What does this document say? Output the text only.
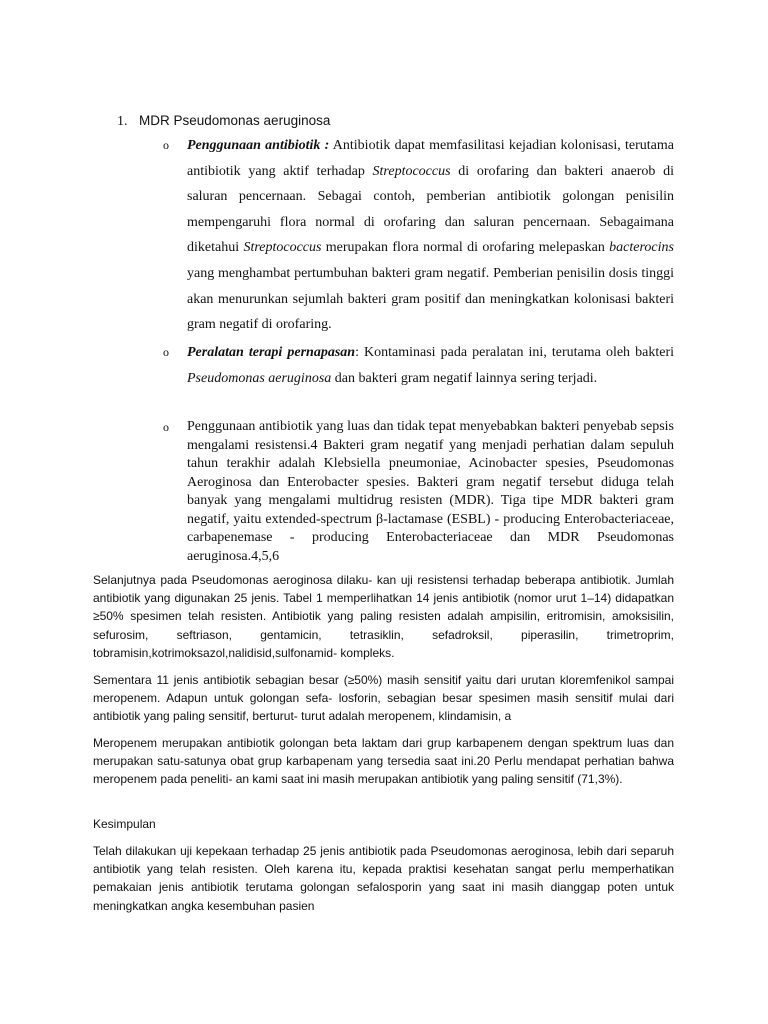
1. MDR Pseudomonas aeruginosa
o Penggunaan antibiotik : Antibiotik dapat memfasilitasi kejadian kolonisasi, terutama antibiotik yang aktif terhadap Streptococcus di orofaring dan bakteri anaerob di saluran pencernaan. Sebagai contoh, pemberian antibiotik golongan penisilin mempengaruhi flora normal di orofaring dan saluran pencernaan. Sebagaimana diketahui Streptococcus merupakan flora normal di orofaring melepaskan bacterocins yang menghambat pertumbuhan bakteri gram negatif. Pemberian penisilin dosis tinggi akan menurunkan sejumlah bakteri gram positif dan meningkatkan kolonisasi bakteri gram negatif di orofaring.
o Peralatan terapi pernapasan: Kontaminasi pada peralatan ini, terutama oleh bakteri Pseudomonas aeruginosa dan bakteri gram negatif lainnya sering terjadi.
o Penggunaan antibiotik yang luas dan tidak tepat menyebabkan bakteri penyebab sepsis mengalami resistensi.4 Bakteri gram negatif yang menjadi perhatian dalam sepuluh tahun terakhir adalah Klebsiella pneumoniae, Acinobacter spesies, Pseudomonas Aeroginosa dan Enterobacter spesies. Bakteri gram negatif tersebut diduga telah banyak yang mengalami multidrug resisten (MDR). Tiga tipe MDR bakteri gram negatif, yaitu extended-spectrum β-lactamase (ESBL) - producing Enterobacteriaceae, carbapenemase - producing Enterobacteriaceae dan MDR Pseudomonas aeruginosa.4,5,6

Selanjutnya pada Pseudomonas aeroginosa dilaku- kan uji resistensi terhadap beberapa antibiotik. Jumlah antibiotik yang digunakan 25 jenis. Tabel 1 memperlihatkan 14 jenis antibiotik (nomor urut 1–14) didapatkan ≥50% spesimen telah resisten. Antibiotik yang paling resisten adalah ampisilin, eritromisin, amoksisilin, sefurosim, seftriason, gentamicin, tetrasiklin, sefadroksil, piperasilin, trimetroprim, tobramisin,kotrimoksazol,nalidisid,sulfonamid- kompleks.

Sementara 11 jenis antibiotik sebagian besar (≥50%) masih sensitif yaitu dari urutan kloremfenikol sampai meropenem. Adapun untuk golongan sefa- losforin, sebagian besar spesimen masih sensitif mulai dari antibiotik yang paling sensitif, berturut- turut adalah meropenem, klindamisin, a

Meropenem merupakan antibiotik golongan beta laktam dari grup karbapenem dengan spektrum luas dan merupakan satu-satunya obat grup karbapenam yang tersedia saat ini.20 Perlu mendapat perhatian bahwa meropenem pada peneliti- an kami saat ini masih merupakan antibiotik yang paling sensitif (71,3%).

Kesimpulan

Telah dilakukan uji kepekaan terhadap 25 jenis antibiotik pada Pseudomonas aeroginosa, lebih dari separuh antibiotik yang telah resisten. Oleh karena itu, kepada praktisi kesehatan sangat perlu memperhatikan pemakaian jenis antibiotik terutama golongan sefalosporin yang saat ini masih dianggap poten untuk meningkatkan angka kesembuhan pasien
